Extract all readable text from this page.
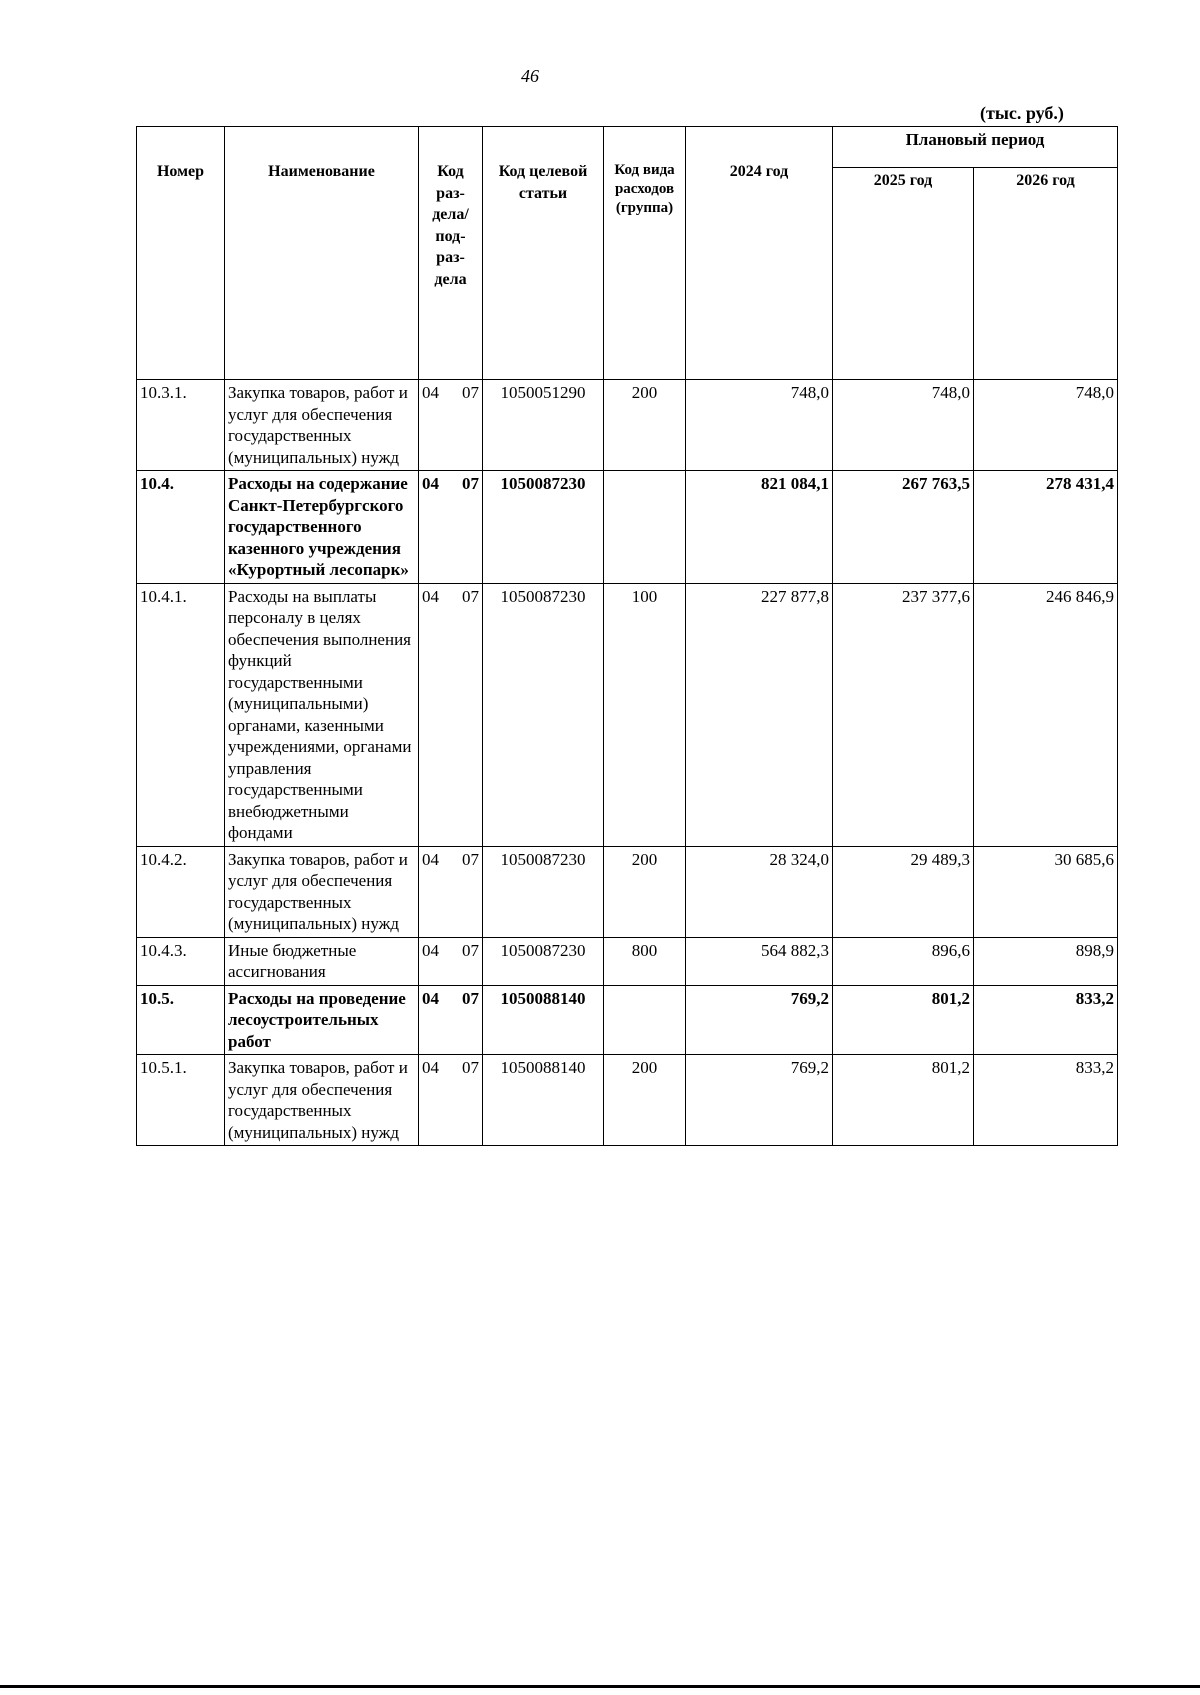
46
(тыс. руб.)
Номер	Наименование	Код раз-дела/ под-раз-дела	Код целевой статьи	Код вида расходов (группа)	2024 год	Плановый период	
						2025 год	2026 год
10.3.1.	Закупка товаров, работ и услуг для обеспечения государственных (муниципальных) нужд	04 07	1050051290	200	748,0	748,0	748,0
10.4.	Расходы на содержание Санкт-Петербургского государственного казенного учреждения «Курортный лесопарк»	04 07	1050087230		821 084,1	267 763,5	278 431,4
10.4.1.	Расходы на выплаты персоналу в целях обеспечения выполнения функций государственными (муниципальными) органами, казенными учреждениями, органами управления государственными внебюджетными фондами	04 07	1050087230	100	227 877,8	237 377,6	246 846,9
10.4.2.	Закупка товаров, работ и услуг для обеспечения государственных (муниципальных) нужд	04 07	1050087230	200	28 324,0	29 489,3	30 685,6
10.4.3.	Иные бюджетные ассигнования	04 07	1050087230	800	564 882,3	896,6	898,9
10.5.	Расходы на проведение лесоустроительных работ	04 07	1050088140		769,2	801,2	833,2
10.5.1.	Закупка товаров, работ и услуг для обеспечения государственных (муниципальных) нужд	04 07	1050088140	200	769,2	801,2	833,2
